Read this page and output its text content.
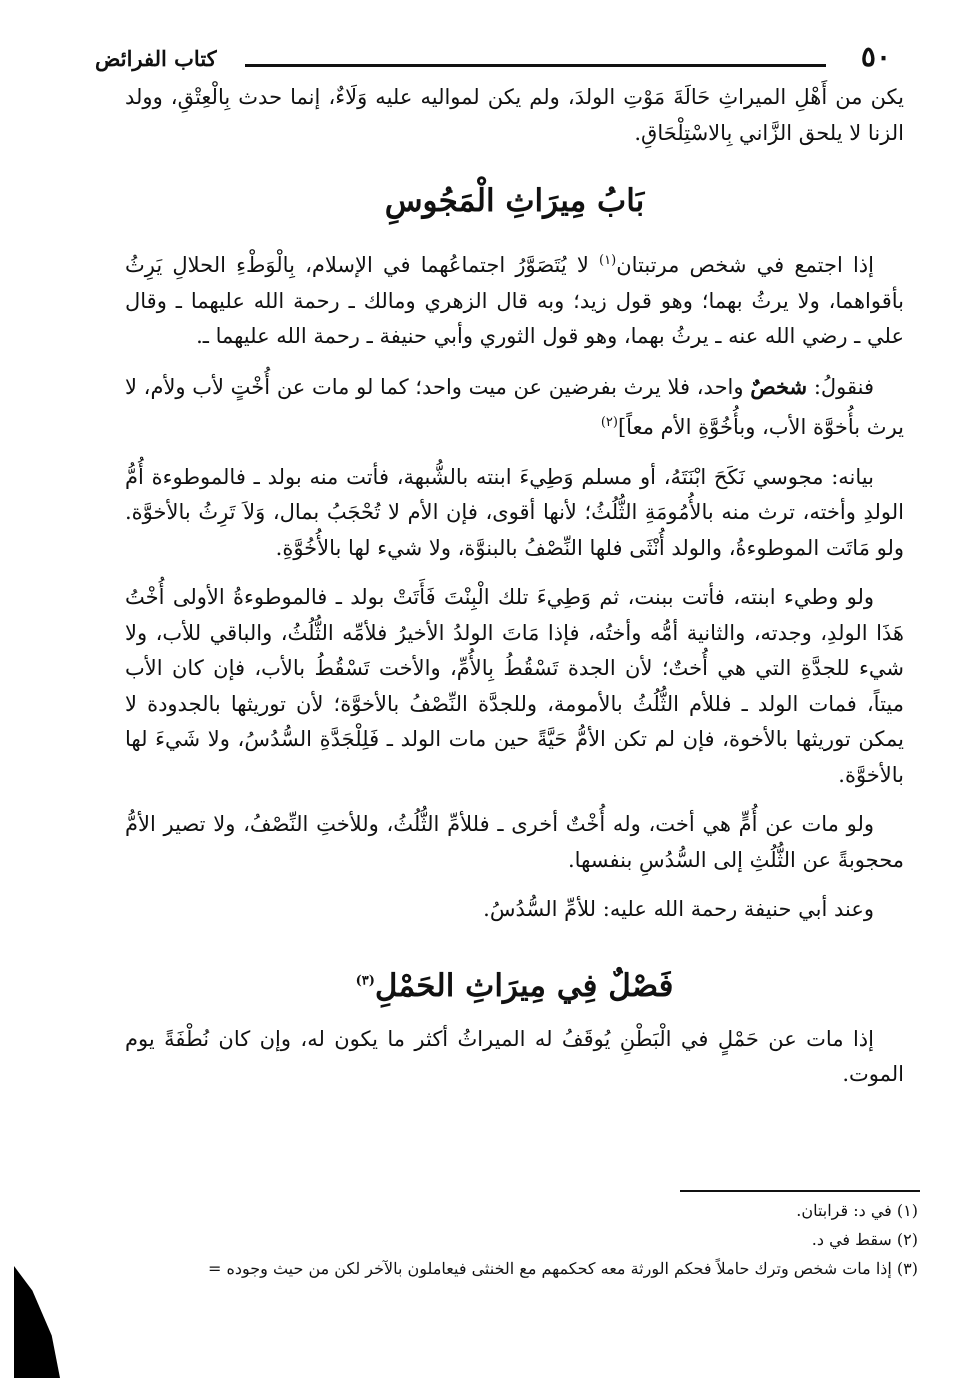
٥٠
كتاب الفرائض

يكن من أَهْلِ الميراثِ حَالَةَ مَوْتِ الولدَ، ولم يكن لمواليه عليه وَلَاءٌ، إنما حدث بِالْعِتْقِ، وولد الزنا لا يلحق الزَّاني بِالاسْتِلْحَاقِ.

بَابُ مِيرَاثِ الْمَجُوسِ

إذا اجتمع في شخص مرتبتان$^{(١)}$ لا يُتَصَوَّرُ اجتماعُهما في الإسلام، بِالْوَطْءِ الحلالِ يَرِثُ بأقواهما، ولا يرثُ بهما؛ وهو قول زيد؛ وبه قال الزهري ومالك ـ رحمة الله عليهما ـ وقال علي ـ رضي الله عنه ـ يرثُ بهما، وهو قول الثوري وأبي حنيفة ـ رحمة الله عليهما ـ.

فنقولُ: شخصٌ واحد، فلا يرث بفرضين عن ميت واحد؛ كما لو مات عن أُخْتٍ لأب ولأم، لا يرث بأُخوَّة الأب، وبأُخُوَّةِ الأم معاً]$^{(٢)}$

بيانه: مجوسي نَكَحَ ابْنَتَهُ، أو مسلم وَطِيءَ ابنته بالشُّبهة، فأتت منه بولد ـ فالموطوءة أُمُّ الولدِ وأخته، ترث منه بالأُمُومَةِ الثُّلُثُ؛ لأنها أقوى، فإن الأم لا تُحْجَبُ بمال، وَلاَ تَرِثُ بالأخوَّة. ولو مَاتَت الموطوءةُ، والولد أُنْثَى فلها النِّصْفُ بالبنوَّة، ولا شيء لها بالأُخُوَّةِ.

ولو وطيء ابنته، فأتت ببنت، ثم وَطِيءَ تلك الْبِنْتَ فَأَتَتْ بولد ـ فالموطوءةُ الأولى أُخْتُ هَذَا الولدِ، وجدته، والثانية أمُّه وأختُه، فإذا مَاتَ الولدُ الأخيرُ فلأمِّه الثُّلُثُ، والباقي للأب، ولا شيء للجدَّةِ التي هي أُختٌ؛ لأن الجدة تَسْقُطُ بِالأُمِّ، والأخت تَسْقُطُ بالأب، فإن كان الأب ميتاً، فمات الولد ـ فللأم الثُّلُثُ بالأمومة، وللجدَّة النِّصْفُ بالأخوَّة؛ لأن توريثها بالجدودة لا يمكن توريثها بالأخوة، فإن لم تكن الأمُّ حَيَّةً حين مات الولد ـ فَلِلْجَدَّةِ السُّدُسُ، ولا شَيءَ لها بالأخوَّة.

ولو مات عن أُمٍّ هي أخت، وله أُخْتٌ أخرى ـ فللأمِّ الثُّلُثُ، وللأختِ النِّصْفُ، ولا تصير الأمُّ محجوبةً عن الثُّلُثِ إلى السُّدُسِ بنفسها.

وعند أبي حنيفة رحمة الله عليه: للأمِّ السُّدُسُ.

فَصْلٌ فِي مِيرَاثِ الحَمْلِ$^{(٣)}$

إذا مات عن حَمْلٍ في الْبَطْنِ يُوقَفُ له الميراثُ أكثر ما يكون له، وإن كان نُطْفَةً يوم الموت.

(١) في د: قرابتان.
(٢) سقط في د.
(٣) إذا مات شخص وترك حاملاً فحكم الورثة معه كحكمهم مع الخنثى فيعاملون بالآخر لكن من حيث وجوده =
